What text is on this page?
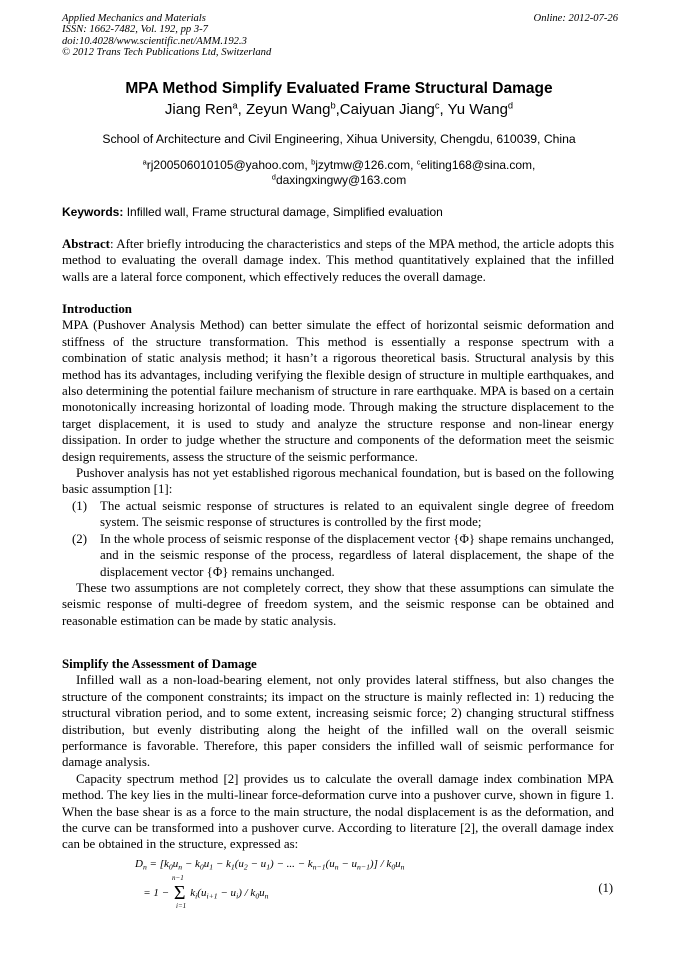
Applied Mechanics and Materials
ISSN: 1662-7482, Vol. 192, pp 3-7
doi:10.4028/www.scientific.net/AMM.192.3
© 2012 Trans Tech Publications Ltd, Switzerland
Online: 2012-07-26
MPA Method Simplify Evaluated Frame Structural Damage
Jiang Ren$^a$, Zeyun Wang$^b$,Caiyuan Jiang$^c$, Yu Wang$^d$
School of Architecture and Civil Engineering, Xihua University, Chengdu, 610039, China
$^a$rj200506010105@yahoo.com, $^b$jzytmw@126.com, $^c$eliting168@sina.com,
$^d$daxingxingwy@163.com
Keywords: Infilled wall, Frame structural damage, Simplified evaluation

Abstract: After briefly introducing the characteristics and steps of the MPA method, the article adopts this method to evaluating the overall damage index. This method quantitatively explained that the infilled walls are a lateral force component, which effectively reduces the overall damage.

Introduction

MPA (Pushover Analysis Method) can better simulate the effect of horizontal seismic deformation and stiffness of the structure transformation. This method is essentially a response spectrum with a combination of static analysis method; it hasn’t a rigorous theoretical basis. Structural analysis by this method has its advantages, including verifying the flexible design of structure in multiple earthquakes, and also determining the potential failure mechanism of structure in rare earthquake. MPA is based on a certain monotonically increasing horizontal of loading mode. Through making the structure displacement to the target displacement, it is used to study and analyze the structure response and non-linear energy dissipation. In order to judge whether the structure and components of the deformation meet the seismic design requirements, assess the structure of the seismic performance.

Pushover analysis has not yet established rigorous mechanical foundation, but is based on the following basic assumption [1]:

(1) The actual seismic response of structures is related to an equivalent single degree of freedom system. The seismic response of structures is controlled by the first mode;
(2) In the whole process of seismic response of the displacement vector {Φ} shape remains unchanged, and in the seismic response of the process, regardless of lateral displacement, the shape of the displacement vector {Φ} remains unchanged.

These two assumptions are not completely correct, they show that these assumptions can simulate the seismic response of multi-degree of freedom system, and the seismic response can be obtained and reasonable estimation can be made by static analysis.

Simplify the Assessment of Damage

Infilled wall as a non-load-bearing element, not only provides lateral stiffness, but also changes the structure of the component constraints; its impact on the structure is mainly reflected in: 1) reducing the structural vibration period, and to some extent, increasing seismic force; 2) changing structural stiffness distribution, but evenly distributing along the height of the infilled wall on the overall seismic performance is favorable. Therefore, this paper considers the infilled wall of seismic performance for damage analysis.

Capacity spectrum method [2] provides us to calculate the overall damage index combination MPA method. The key lies in the multi-linear force-deformation curve into a pushover curve, shown in figure 1. When the base shear is as a force to the main structure, the nodal displacement is as the deformation, and the curve can be transformed into a pushover curve. According to literature [2], the overall damage index can be obtained in the structure, expressed as:

$D_n = [k_0u_n - k_0u_1 - k_1(u_2 - u_1)$ − ... − $k_{n-1}(u_n - u_{n-1})] / k_0u_n$
= 1 − Σ $k_i(u_{i+1} - u_i) / k_0u_n$
n−1
i=1
(1)
